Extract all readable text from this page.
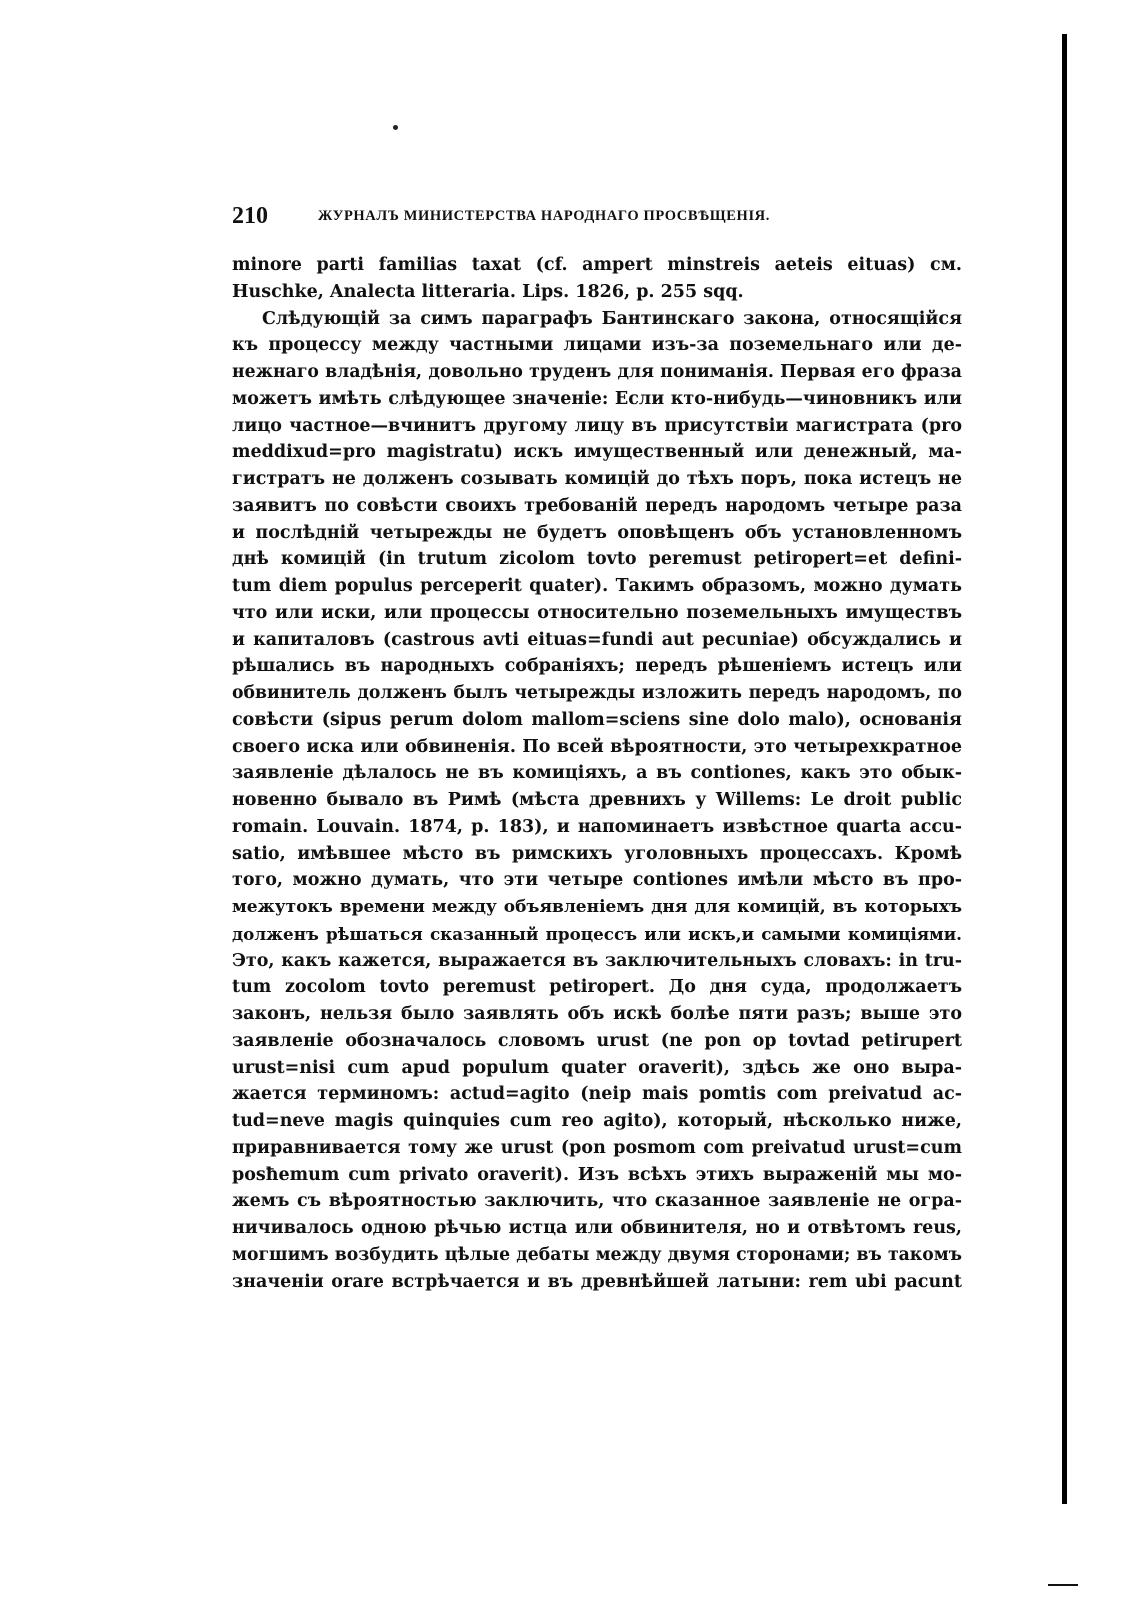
210	ЖУРНАЛЪ МИНИСТЕРСТВА НАРОДНАГО ПРОСВѢЩЕНІЯ.
minore parti familias taxat (cf. ampert minstreis aeteis eituas) см.
Huschke, Analecta litteraria. Lips. 1826, p. 255 sqq.
Слѣдующій за симъ параграфъ Бантинскаго закона, относящійся
къ процессу между частными лицами изъ-за поземельнаго или де-
нежнаго владѣнія, довольно труденъ для пониманія. Первая его фраза
можетъ имѣть слѣдующее значеніе: Если кто-нибудь—чиновникъ или
лицо частное—вчинитъ другому лицу въ присутствіи магистрата (pro
meddixud=pro magistratu) искъ имущественный или денежный, ма-
гистратъ не долженъ созывать комицій до тѣхъ поръ, пока истецъ не
заявитъ по совѣсти своихъ требованій передъ народомъ четыре раза
и послѣдній четырежды не будетъ оповѣщенъ объ установленномъ
днѣ комицій (in trutum zicolom tovto peremust petiropert=et defini-
tum diem populus perceperit quater). Такимъ образомъ, можно думать
что или иски, или процессы относительно поземельныхъ имуществъ
и капиталовъ (castrous avti eituas=fundi aut pecuniae) обсуждались и
рѣшались въ народныхъ собраніяхъ; передъ рѣшеніемъ истецъ или
обвинитель долженъ былъ четырежды изложить передъ народомъ, по
совѣсти (sipus perum dolom mallom=sciens sine dolo malo), основанія
своего иска или обвиненія. По всей вѣроятности, это четырехкратное
заявленіе дѣлалось не въ комиціяхъ, а въ contiones, какъ это обык-
новенно бывало въ Римѣ (мѣста древнихъ у Willems: Le droit public
romain. Louvain. 1874, p. 183), и напоминаетъ извѣстное quarta accu-
satio, имѣвшее мѣсто въ римскихъ уголовныхъ процессахъ. Кромѣ
того, можно думать, что эти четыре contiones имѣли мѣсто въ про-
межутокъ времени между объявленіемъ дня для комицій, въ которыхъ
долженъ рѣшаться сказанный процессъ или искъ,и самыми комиціями.
Это, какъ кажется, выражается въ заключительныхъ словахъ: in tru-
tum zocolom tovto peremust petiropert. До дня суда, продолжаетъ
законъ, нельзя было заявлять объ искѣ болѣе пяти разъ; выше это
заявленіе обозначалось словомъ urust (ne pon op tovtad petirupert
urust=nisi cum apud populum quater oraverit), здѣсь же оно выра-
жается терминомъ: actud=agito (neip mais pomtis com preivatud ac-
tud=neve magis quinquies cum reo agito), который, нѣсколько ниже,
приравнивается тому же urust (pon posmom com preivatud urust=cum
posħemum cum privato oraverit). Изъ всѣхъ этихъ выраженій мы мо-
жемъ съ вѣроятностью заключить, что сказанное заявленіе не огра-
ничивалось одною рѣчью истца или обвинителя, но и отвѣтомъ reus,
могшимъ возбудить цѣлые дебаты между двумя сторонами; въ такомъ
значеніи orare встрѣчается и въ древнѣйшей латыни: rem ubi pacunt
